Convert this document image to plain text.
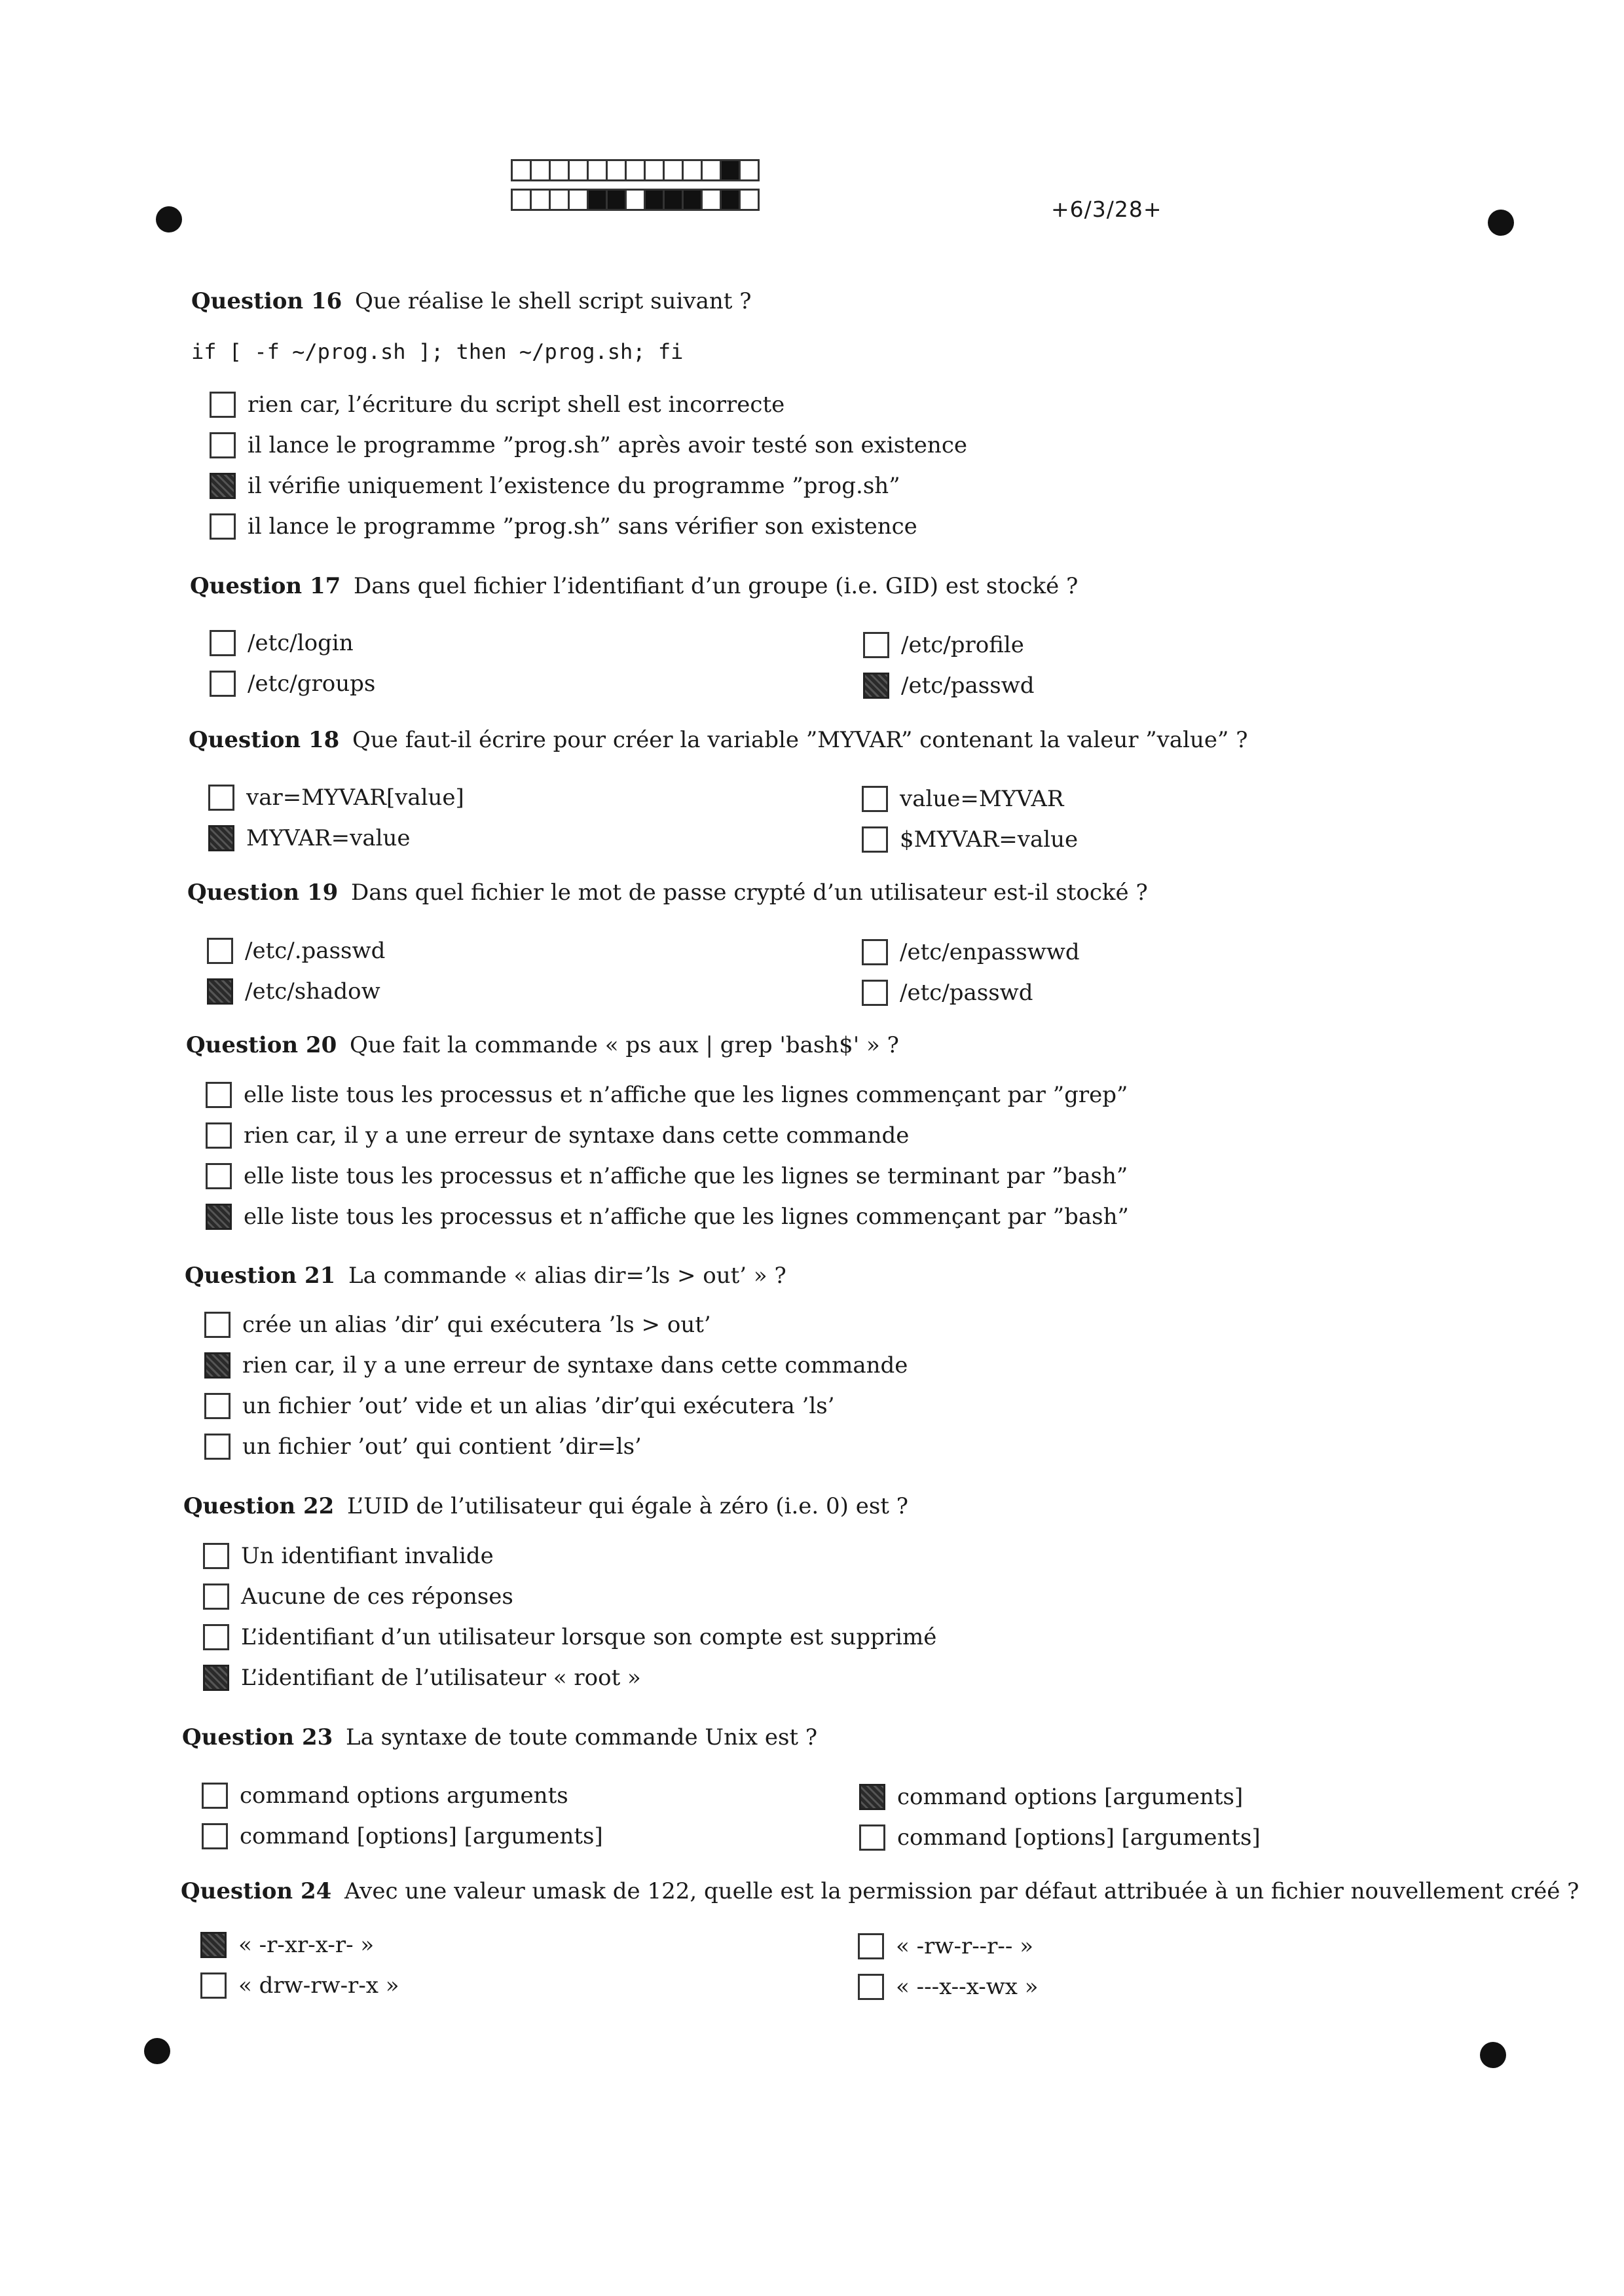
+6/3/28+
Question 16 Que réalise le shell script suivant ?
if [ -f ~/prog.sh ]; then ~/prog.sh; fi
rien car, l’écriture du script shell est incorrecte
il lance le programme ”prog.sh” après avoir testé son existence
il vérifie uniquement l’existence du programme ”prog.sh”
il lance le programme ”prog.sh” sans vérifier son existence
Question 17 Dans quel fichier l’identifiant d’un groupe (i.e. GID) est stocké ?
/etc/login
/etc/groups
/etc/profile
/etc/passwd
Question 18 Que faut-il écrire pour créer la variable ”MYVAR” contenant la valeur ”value” ?
var=MYVAR[value]
MYVAR=value
value=MYVAR
$MYVAR=value
Question 19 Dans quel fichier le mot de passe crypté d’un utilisateur est-il stocké ?
/etc/.passwd
/etc/shadow
/etc/enpasswwd
/etc/passwd
Question 20 Que fait la commande « ps aux | grep 'bash$' » ?
elle liste tous les processus et n’affiche que les lignes commençant par ”grep”
rien car, il y a une erreur de syntaxe dans cette commande
elle liste tous les processus et n’affiche que les lignes se terminant par ”bash”
elle liste tous les processus et n’affiche que les lignes commençant par ”bash”
Question 21 La commande « alias dir=’ls > out’ » ?
crée un alias ’dir’ qui exécutera ’ls > out’
rien car, il y a une erreur de syntaxe dans cette commande
un fichier ’out’ vide et un alias ’dir’qui exécutera ’ls’
un fichier ’out’ qui contient ’dir=ls’
Question 22 L’UID de l’utilisateur qui égale à zéro (i.e. 0) est ?
Un identifiant invalide
Aucune de ces réponses
L’identifiant d’un utilisateur lorsque son compte est supprimé
L’identifiant de l’utilisateur « root »
Question 23 La syntaxe de toute commande Unix est ?
command options arguments
command [options] [arguments]
command options [arguments]
command [options] [arguments]
Question 24 Avec une valeur umask de 122, quelle est la permission par défaut attribuée à un fichier nouvellement créé ?
« -r-xr-x-r- »
« drw-rw-r-x »
« -rw-r--r-- »
« ---x--x-wx »
